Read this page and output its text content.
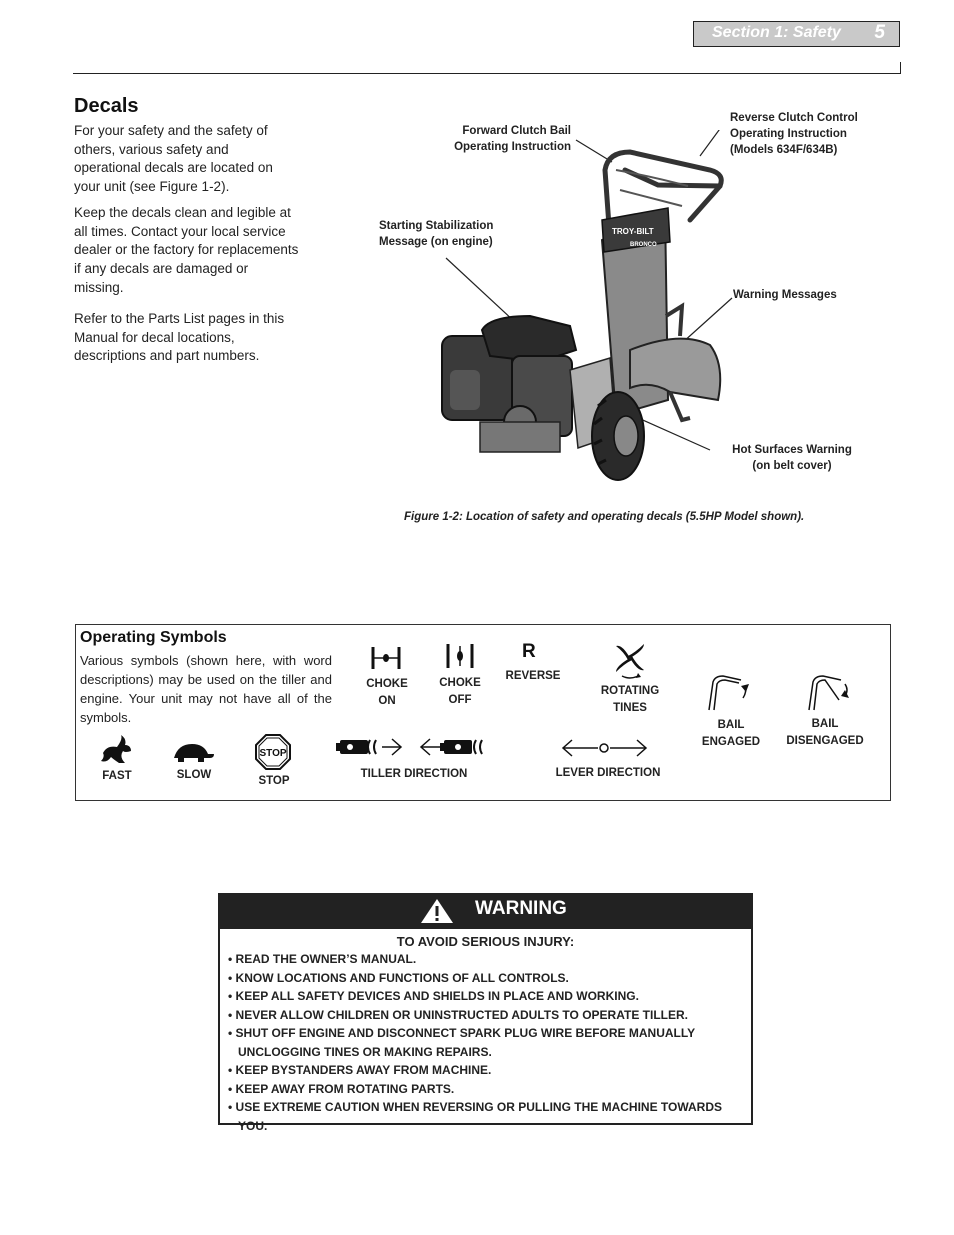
Section 1: Safety 5
Decals

For your safety and the safety of others, various safety and operational decals are located on your unit (see Figure 1-2).

Keep the decals clean and legible at all times. Contact your local service dealer or the factory for replacements if any decals are damaged or missing.

Refer to the Parts List pages in this Manual for decal locations, descriptions and part numbers.

Forward Clutch Bail
Operating Instruction
Reverse Clutch Control
Operating Instruction
(Models 634F/634B)
Starting Stabilization
Message (on engine)
Warning Messages
Hot Surfaces Warning
(on belt cover)
TROY-BILT
BRONCO
Figure 1-2: Location of safety and operating decals (5.5HP Model shown).
Operating Symbols

Various symbols (shown here, with word descriptions) may be used on the tiller and engine. Your unit may not have all of the symbols.

CHOKE
ON
CHOKE
OFF
R
REVERSE
ROTATING
TINES
BAIL
ENGAGED
BAIL
DISENGAGED
FAST	SLOW
STOP
STOP
TILLER DIRECTION	LEVER DIRECTION
WARNING
TO AVOID SERIOUS INJURY:
• READ THE OWNER’S MANUAL.
• KNOW LOCATIONS AND FUNCTIONS OF ALL CONTROLS.
• KEEP ALL SAFETY DEVICES AND SHIELDS IN PLACE AND WORKING.
• NEVER ALLOW CHILDREN OR UNINSTRUCTED ADULTS TO OPERATE TILLER.
• SHUT OFF ENGINE AND DISCONNECT SPARK PLUG WIRE BEFORE MANUALLY UNCLOGGING TINES OR MAKING REPAIRS.
• KEEP BYSTANDERS AWAY FROM MACHINE.
• KEEP AWAY FROM ROTATING PARTS.
• USE EXTREME CAUTION WHEN REVERSING OR PULLING THE MACHINE TOWARDS YOU.
